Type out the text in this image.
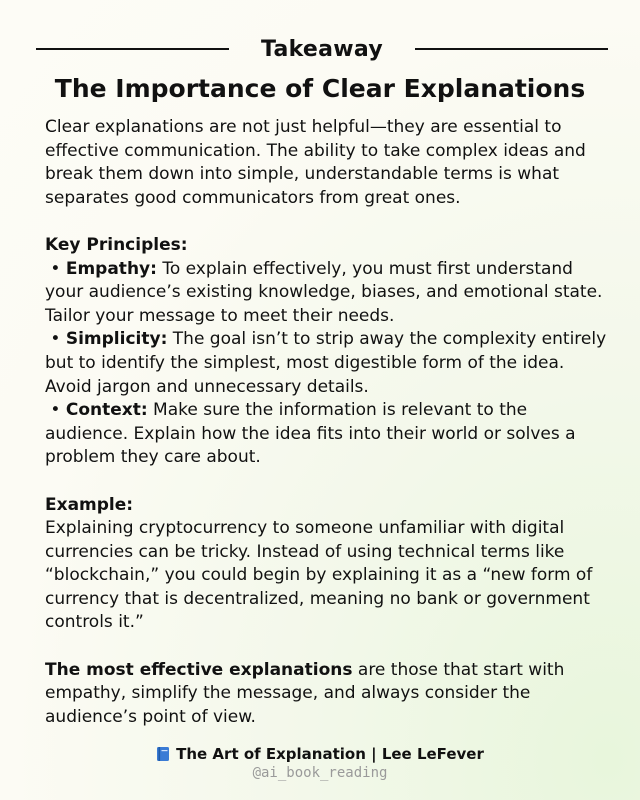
Takeaway
The Importance of Clear Explanations

Clear explanations are not just helpful—they are essential to effective communication. The ability to take complex ideas and break them down into simple, understandable terms is what separates good communicators from great ones.

Key Principles:

• Empathy: To explain effectively, you must first understand your audience’s existing knowledge, biases, and emotional state. Tailor your message to meet their needs.

• Simplicity: The goal isn’t to strip away the complexity entirely but to identify the simplest, most digestible form of the idea. Avoid jargon and unnecessary details.

• Context: Make sure the information is relevant to the audience. Explain how the idea fits into their world or solves a problem they care about.

Example:

Explaining cryptocurrency to someone unfamiliar with digital currencies can be tricky. Instead of using technical terms like “blockchain,” you could begin by explaining it as a “new form of currency that is decentralized, meaning no bank or government controls it.”

The most effective explanations are those that start with empathy, simplify the message, and always consider the audience’s point of view.

The Art of Explanation | Lee LeFever
@ai_book_reading
